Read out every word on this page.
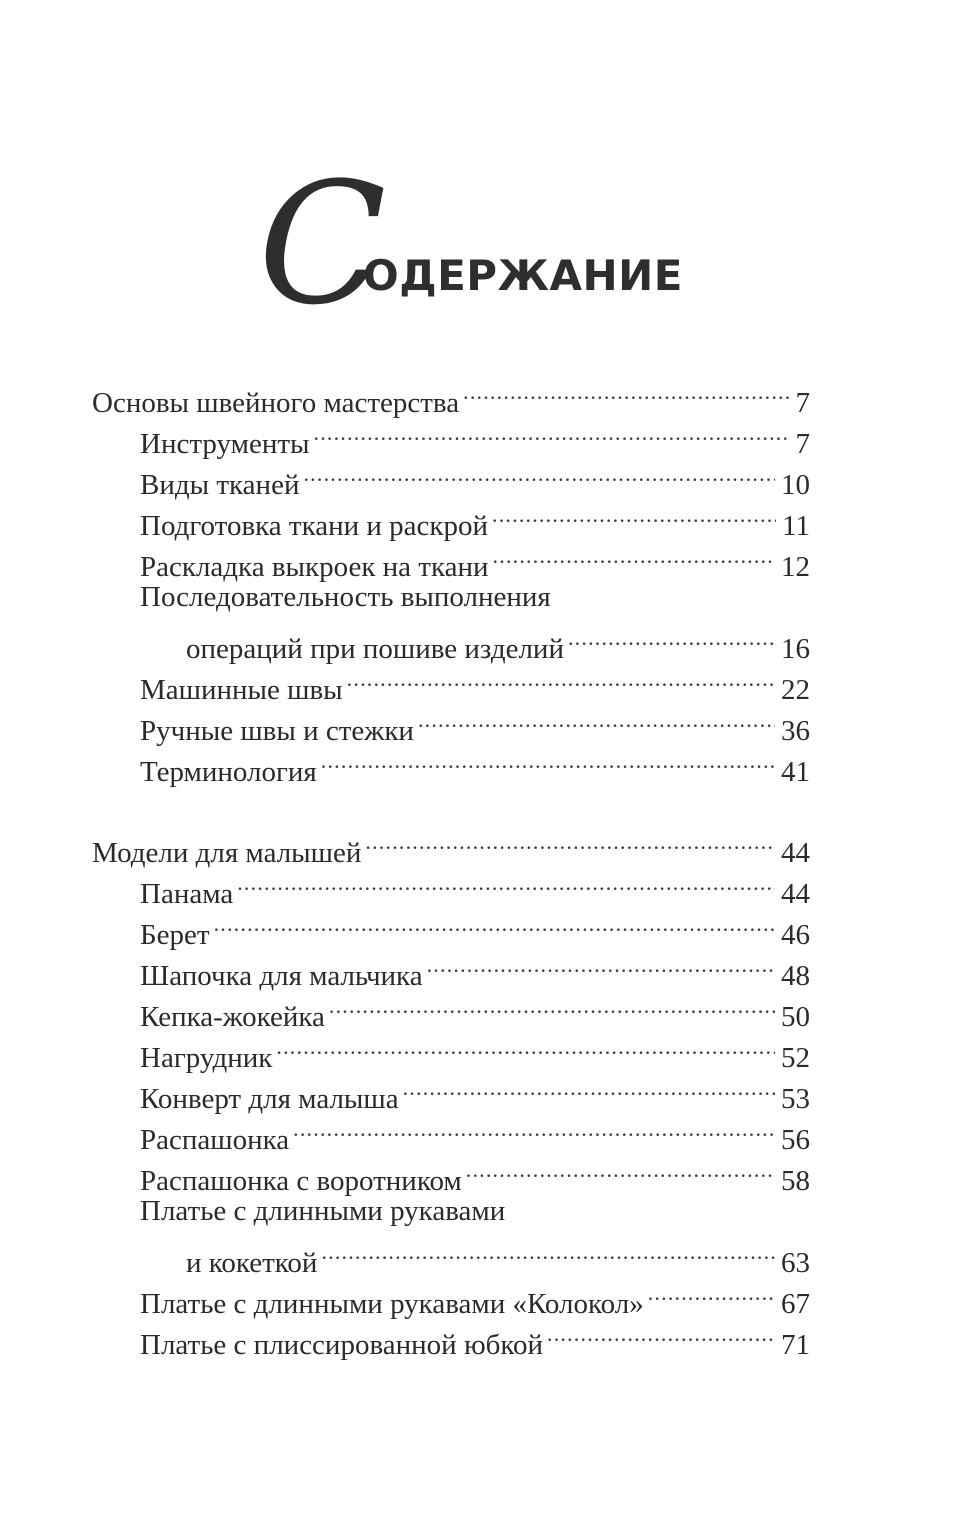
С
ОДЕРЖАНИЕ
Основы швейного мастерства .....	7
Инструменты .....	7
Виды тканей .....	10
Подготовка ткани и раскрой .....	11
Раскладка выкроек на ткани .....	12
Последовательность выполнения
операций при пошиве изделий .....	16
Машинные швы .....	22
Ручные швы и стежки .....	36
Терминология .....	41
Модели для малышей .....	44
Панама .....	44
Берет .....	46
Шапочка для мальчика .....	48
Кепка-жокейка .....	50
Нагрудник .....	52
Конверт для малыша .....	53
Распашонка .....	56
Распашонка с воротником .....	58
Платье с длинными рукавами
и кокеткой .....	63
Платье с длинными рукавами «Колокол» .....	67
Платье с плиссированной юбкой .....	71
